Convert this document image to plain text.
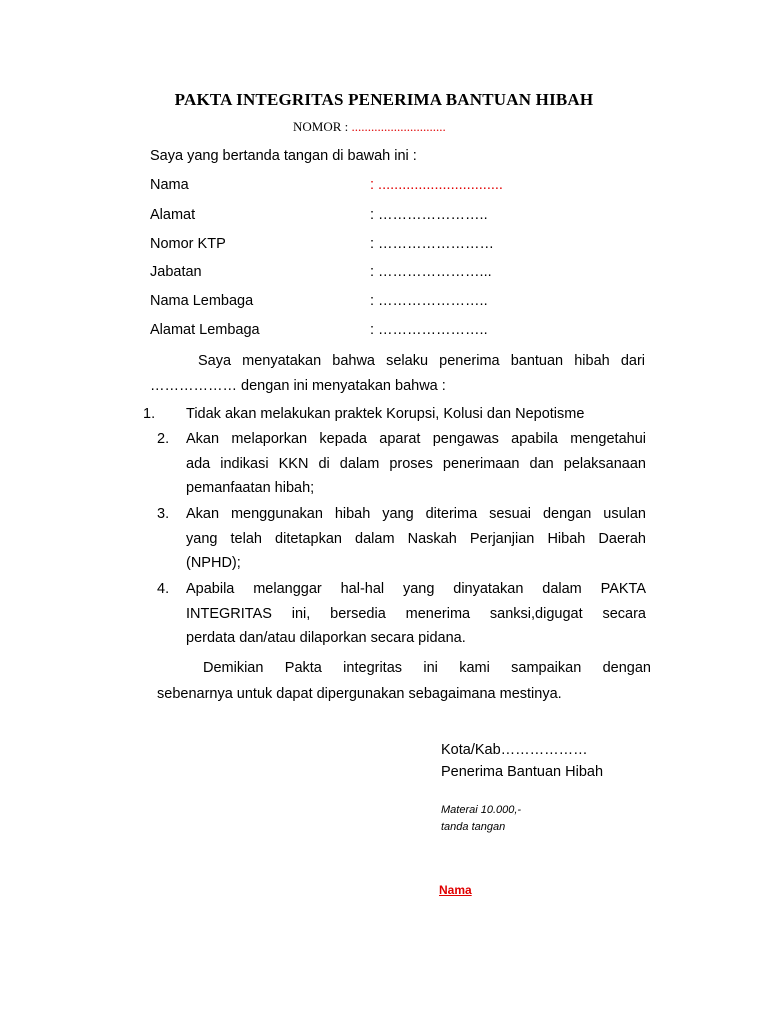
PAKTA INTEGRITAS PENERIMA BANTUAN HIBAH
NOMOR : .............................
Saya yang bertanda tangan di bawah ini :
Nama	: ...............................
Alamat	: …………………..
Nomor KTP	: ……………………
Jabatan	: …………………...
Nama Lembaga	: …………………..
Alamat Lembaga	: …………………..
Saya menyatakan bahwa selaku penerima bantuan hibah dari
……………… dengan ini menyatakan bahwa :
1. Tidak akan melakukan praktek Korupsi, Kolusi dan Nepotisme
2. Akan melaporkan kepada aparat pengawas apabila mengetahui
ada indikasi KKN di dalam proses penerimaan dan pelaksanaan
pemanfaatan hibah;
3. Akan menggunakan hibah yang diterima sesuai dengan usulan
yang telah ditetapkan dalam Naskah Perjanjian Hibah Daerah
(NPHD);
4. Apabila melanggar hal-hal yang dinyatakan dalam PAKTA
INTEGRITAS ini, bersedia menerima sanksi,digugat secara
perdata dan/atau dilaporkan secara pidana.
Demikian Pakta integritas ini kami sampaikan dengan
sebenarnya untuk dapat dipergunakan sebagaimana mestinya.
Kota/Kab………………
Penerima Bantuan Hibah
Materai 10.000,-
tanda tangan
Nama
